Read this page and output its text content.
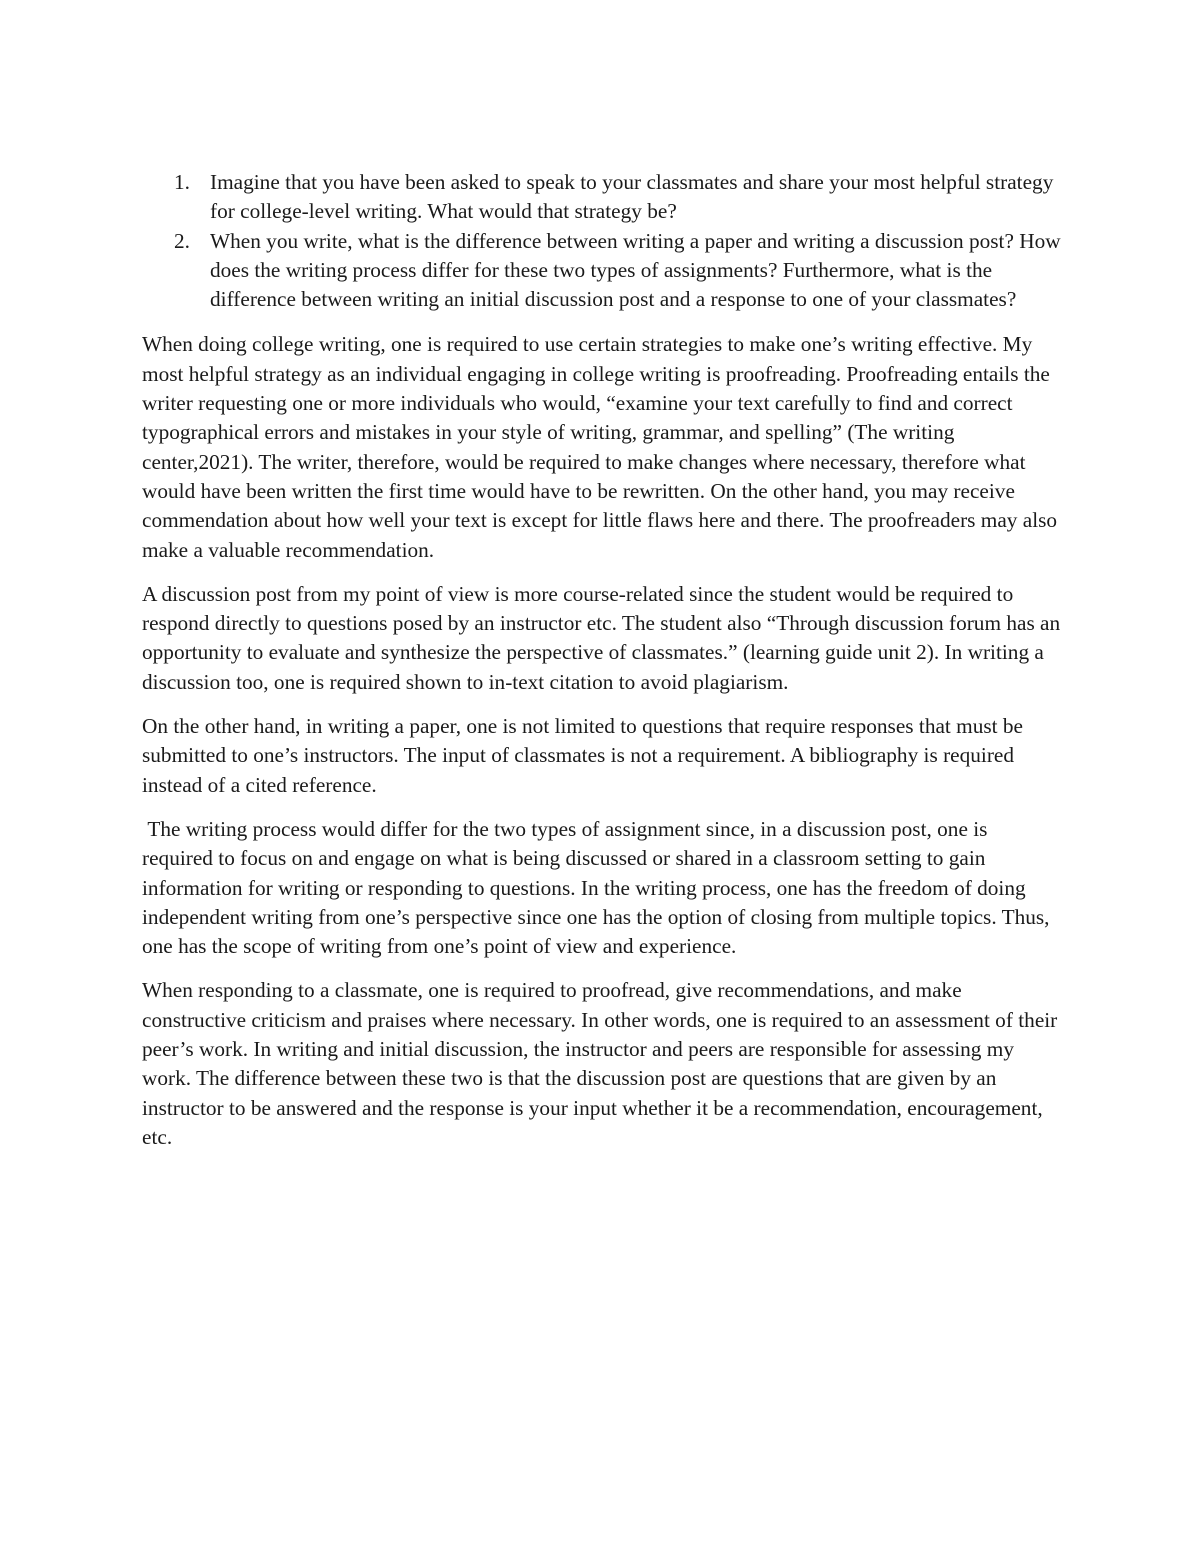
1. Imagine that you have been asked to speak to your classmates and share your most helpful strategy for college-level writing. What would that strategy be?
2. When you write, what is the difference between writing a paper and writing a discussion post? How does the writing process differ for these two types of assignments? Furthermore, what is the difference between writing an initial discussion post and a response to one of your classmates?

When doing college writing, one is required to use certain strategies to make one’s writing effective. My most helpful strategy as an individual engaging in college writing is proofreading. Proofreading entails the writer requesting one or more individuals who would, “examine your text carefully to find and correct typographical errors and mistakes in your style of writing, grammar, and spelling” (The writing center,2021). The writer, therefore, would be required to make changes where necessary, therefore what would have been written the first time would have to be rewritten. On the other hand, you may receive commendation about how well your text is except for little flaws here and there. The proofreaders may also make a valuable recommendation.

A discussion post from my point of view is more course-related since the student would be required to respond directly to questions posed by an instructor etc. The student also “Through discussion forum has an opportunity to evaluate and synthesize the perspective of classmates.” (learning guide unit 2). In writing a discussion too, one is required shown to in-text citation to avoid plagiarism.

On the other hand, in writing a paper, one is not limited to questions that require responses that must be submitted to one’s instructors. The input of classmates is not a requirement. A bibliography is required instead of a cited reference.

The writing process would differ for the two types of assignment since, in a discussion post, one is required to focus on and engage on what is being discussed or shared in a classroom setting to gain information for writing or responding to questions. In the writing process, one has the freedom of doing independent writing from one’s perspective since one has the option of closing from multiple topics. Thus, one has the scope of writing from one’s point of view and experience.

When responding to a classmate, one is required to proofread, give recommendations, and make constructive criticism and praises where necessary. In other words, one is required to an assessment of their peer’s work. In writing and initial discussion, the instructor and peers are responsible for assessing my work. The difference between these two is that the discussion post are questions that are given by an instructor to be answered and the response is your input whether it be a recommendation, encouragement, etc.
